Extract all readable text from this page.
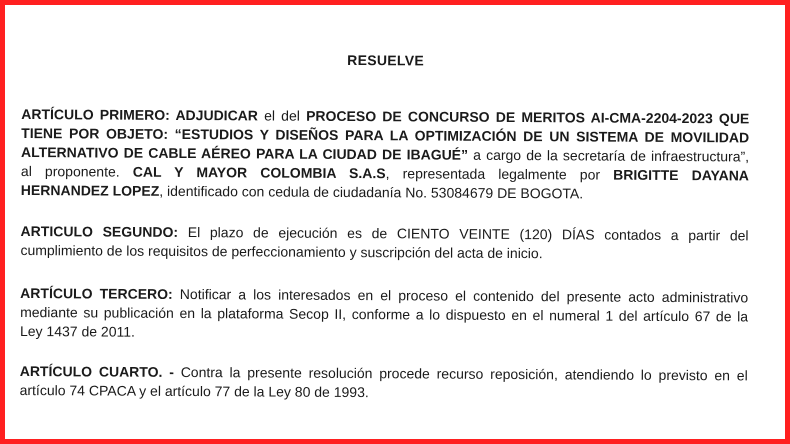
RESUELVE
ARTÍCULO PRIMERO: ADJUDICAR el del PROCESO DE CONCURSO DE MERITOS AI-CMA-2204-2023 QUE
TIENE POR OBJETO: “ESTUDIOS Y DISEÑOS PARA LA OPTIMIZACIÓN DE UN SISTEMA DE MOVILIDAD
ALTERNATIVO DE CABLE AÉREO PARA LA CIUDAD DE IBAGUÉ” a cargo de la secretaría de infraestructura”,
al proponente. CAL Y MAYOR COLOMBIA S.A.S, representada legalmente por BRIGITTE DAYANA
HERNANDEZ LOPEZ, identificado con cedula de ciudadanía No. 53084679 DE BOGOTA.
ARTICULO SEGUNDO: El plazo de ejecución es de CIENTO VEINTE (120) DÍAS contados a partir del
cumplimiento de los requisitos de perfeccionamiento y suscripción del acta de inicio.
ARTÍCULO TERCERO: Notificar a los interesados en el proceso el contenido del presente acto administrativo
mediante su publicación en la plataforma Secop II, conforme a lo dispuesto en el numeral 1 del artículo 67 de la
Ley 1437 de 2011.
ARTÍCULO CUARTO. - Contra la presente resolución procede recurso reposición, atendiendo lo previsto en el
artículo 74 CPACA y el artículo 77 de la Ley 80 de 1993.
